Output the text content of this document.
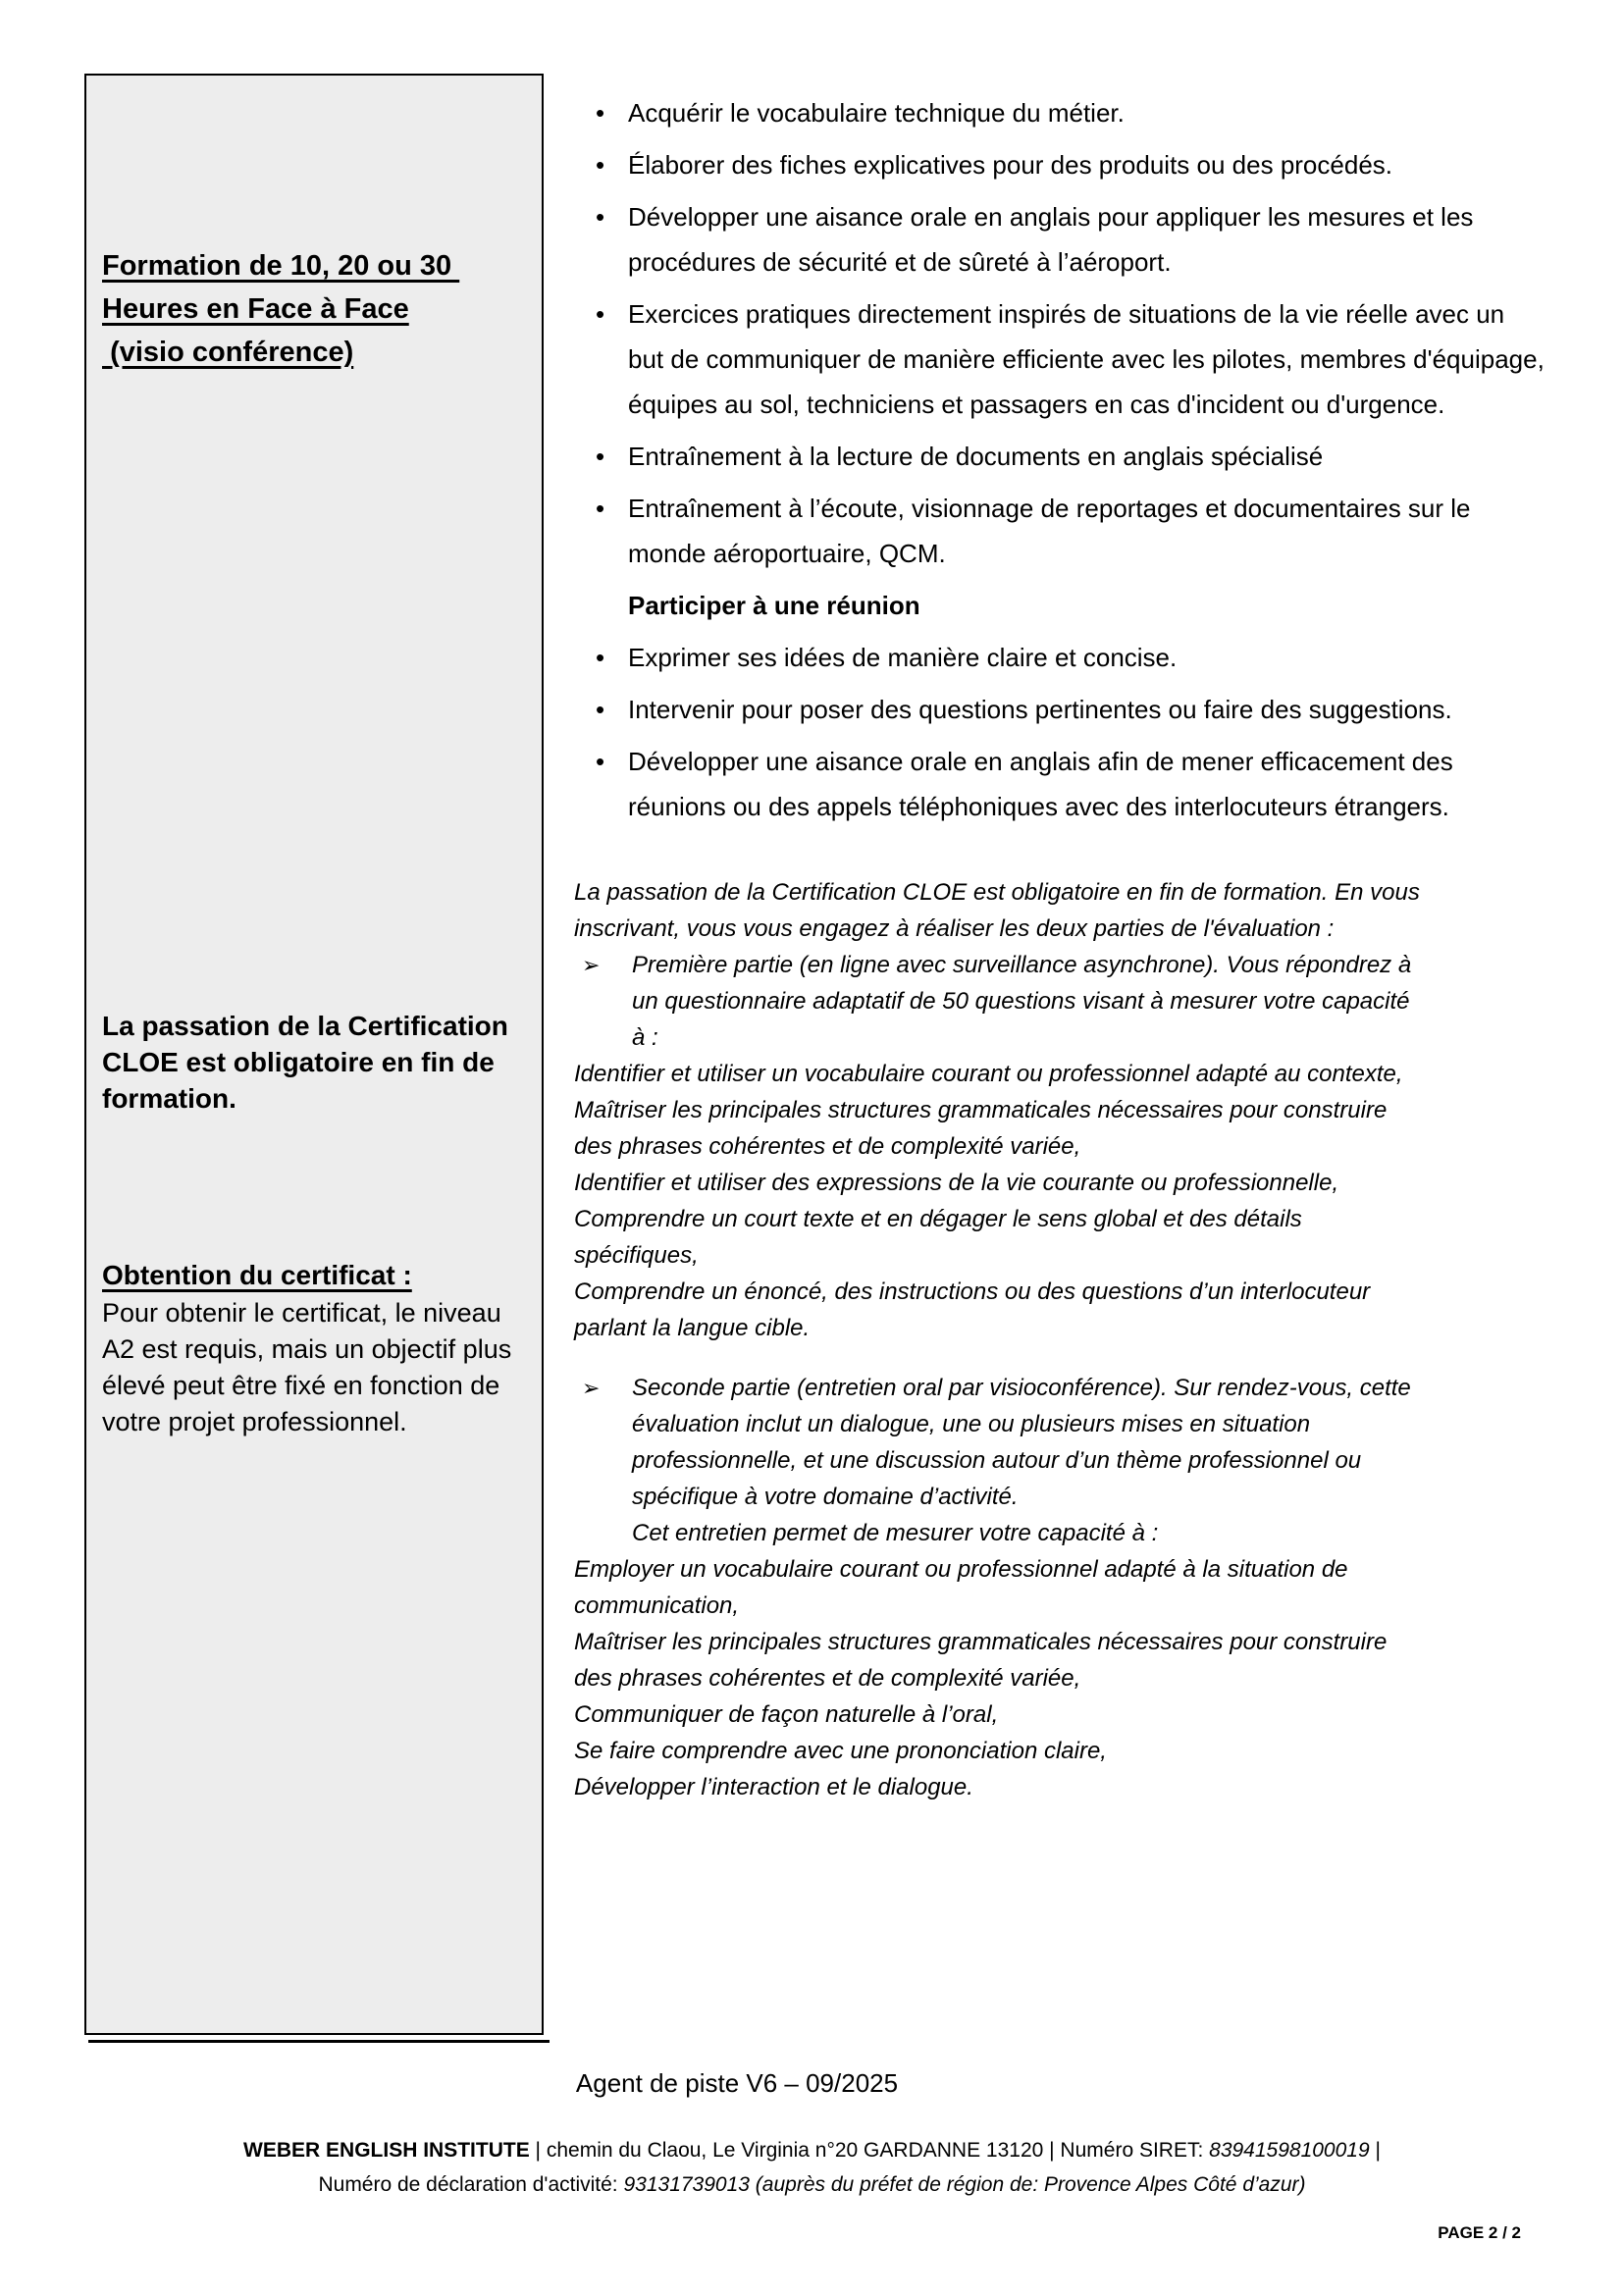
Formation de 10, 20 ou 30
Heures en Face à Face
(visio conférence)
La passation de la Certification CLOE est obligatoire en fin de formation.
Obtention du certificat :
Pour obtenir le certificat, le niveau A2 est requis, mais un objectif plus élevé peut être fixé en fonction de votre projet professionnel.
• Acquérir le vocabulaire technique du métier.
• Élaborer des fiches explicatives pour des produits ou des procédés.
• Développer une aisance orale en anglais pour appliquer les mesures et les procédures de sécurité et de sûreté à l’aéroport.
• Exercices pratiques directement inspirés de situations de la vie réelle avec un but de communiquer de manière efficiente avec les pilotes, membres d'équipage, équipes au sol, techniciens et passagers en cas d'incident ou d'urgence.
• Entraînement à la lecture de documents en anglais spécialisé
• Entraînement à l’écoute, visionnage de reportages et documentaires sur le monde aéroportuaire, QCM.
Participer à une réunion
• Exprimer ses idées de manière claire et concise.
• Intervenir pour poser des questions pertinentes ou faire des suggestions.
• Développer une aisance orale en anglais afin de mener efficacement des réunions ou des appels téléphoniques avec des interlocuteurs étrangers.
La passation de la Certification CLOE est obligatoire en fin de formation. En vous inscrivant, vous vous engagez à réaliser les deux parties de l'évaluation :
➢ Première partie (en ligne avec surveillance asynchrone). Vous répondrez à un questionnaire adaptatif de 50 questions visant à mesurer votre capacité à :
Identifier et utiliser un vocabulaire courant ou professionnel adapté au contexte,
Maîtriser les principales structures grammaticales nécessaires pour construire des phrases cohérentes et de complexité variée,
Identifier et utiliser des expressions de la vie courante ou professionnelle,
Comprendre un court texte et en dégager le sens global et des détails spécifiques,
Comprendre un énoncé, des instructions ou des questions d’un interlocuteur parlant la langue cible.
➢ Seconde partie (entretien oral par visioconférence). Sur rendez-vous, cette évaluation inclut un dialogue, une ou plusieurs mises en situation professionnelle, et une discussion autour d’un thème professionnel ou spécifique à votre domaine d’activité.
Cet entretien permet de mesurer votre capacité à :
Employer un vocabulaire courant ou professionnel adapté à la situation de communication,
Maîtriser les principales structures grammaticales nécessaires pour construire des phrases cohérentes et de complexité variée,
Communiquer de façon naturelle à l’oral,
Se faire comprendre avec une prononciation claire,
Développer l’interaction et le dialogue.
Agent de piste V6 – 09/2025
WEBER ENGLISH INSTITUTE | chemin du Claou, Le Virginia n°20 GARDANNE 13120 | Numéro SIRET: 83941598100019 |
Numéro de déclaration d'activité: 93131739013 (auprès du préfet de région de: Provence Alpes Côté d’azur)
PAGE 2 / 2
